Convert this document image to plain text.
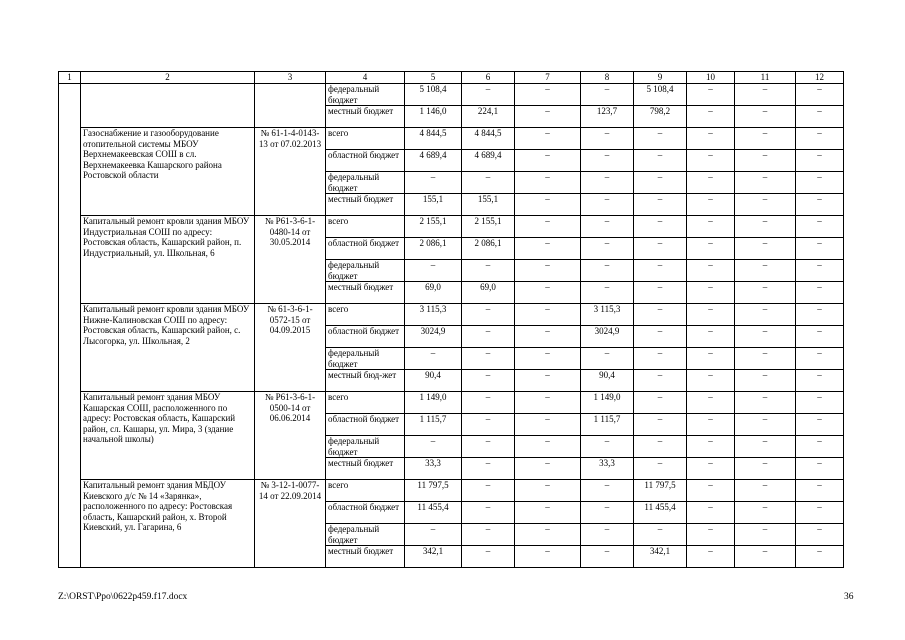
1	2	3	4	5	6	7	8	9	10	11	12
			федеральный бюджет	5 108,4	–	–	–	5 108,4	–	–	–
			местный бюджет	1 146,0	224,1	–	123,7	798,2	–	–	–
	Газоснабжение и газооборудование отопительной системы МБОУ Верхнемакеевская СОШ в сл. Верхнемакеевка Кашарского района Ростовской области	№ 61-1-4-0143-13 от 07.02.2013	всего	4 844,5	4 844,5	–	–	–	–	–	–
			областной бюджет	4 689,4	4 689,4	–	–	–	–	–	–
			федеральный бюджет	–	–	–	–	–	–	–	–
			местный бюджет	155,1	155,1	–	–	–	–	–	–
	Капитальный ремонт кровли здания МБОУ Индустриальная СОШ по адресу: Ростовская область, Кашарский район, п. Индустриальный, ул. Школьная, 6	№ Р61-3-6-1-0480-14 от 30.05.2014	всего	2 155,1	2 155,1	–	–	–	–	–	–
			областной бюджет	2 086,1	2 086,1	–	–	–	–	–	–
			федеральный бюджет	–	–	–	–	–	–	–	–
			местный бюджет	69,0	69,0	–	–	–	–	–	–
	Капитальный ремонт кровли здания МБОУ Нижне-Калиновская СОШ по адресу: Ростовская область, Кашарский район, с. Лысогорка, ул. Школьная, 2	№ 61-3-6-1-0572-15 от 04.09.2015	всего	3 115,3	–	–	3 115,3	–	–	–	–
			областной бюджет	3024,9	–	–	3024,9	–	–	–	–
			федеральный бюджет	–	–	–	–	–	–	–	–
			местный бюд-жет	90,4	–	–	90,4	–	–	–	–
	Капитальный ремонт здания МБОУ Кашарская СОШ, расположенного по адресу: Ростовская область, Кашарский район, сл. Кашары, ул. Мира, 3 (здание начальной школы)	№ Р61-3-6-1-0500-14 от 06.06.2014	всего	1 149,0	–	–	1 149,0	–	–	–	–
			областной бюджет	1 115,7	–	–	1 115,7	–	–	–	–
			федеральный бюджет	–	–	–	–	–	–	–	–
			местный бюджет	33,3	–	–	33,3	–	–	–	–
	Капитальный ремонт здания МБДОУ Киевского д/с № 14 «Зарянка», расположенного по адресу: Ростовская область, Кашарский район, х. Второй Киевский, ул. Гагарина, 6	№ 3-12-1-0077-14 от 22.09.2014	всего	11 797,5	–	–	–	11 797,5	–	–	–
			областной бюджет	11 455,4	–	–	–	11 455,4	–	–	–
			федеральный бюджет	–	–	–	–	–	–	–	–
			местный бюджет	342,1	–	–	–	342,1	–	–	–
Z:\ORST\Ppo\0622p459.f17.docx	36
